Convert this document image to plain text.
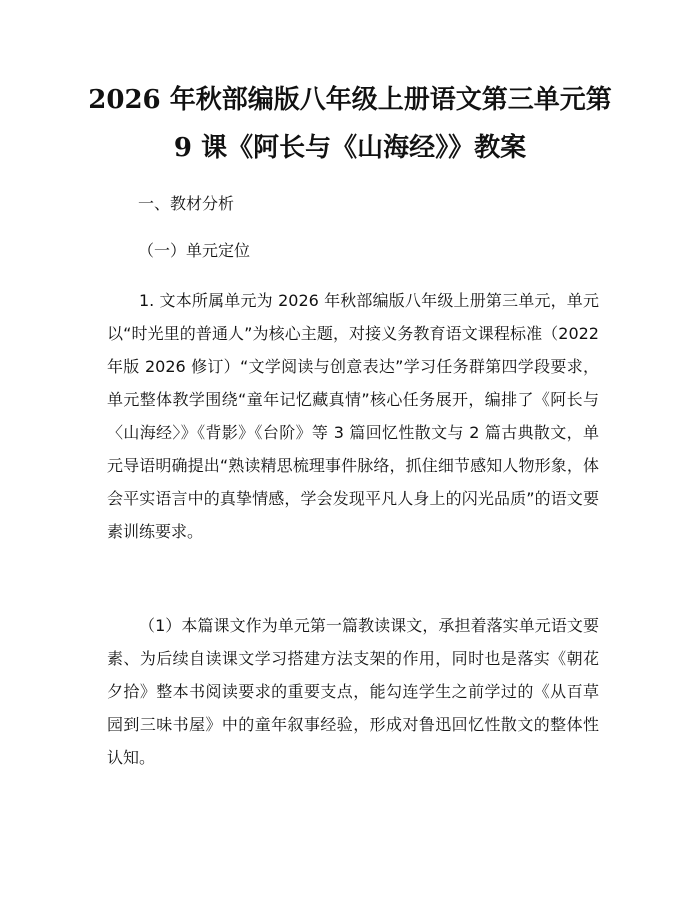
2026 年秋部编版八年级上册语文第三单元第
9 课《阿长与《山海经》》教案

一、教材分析

（一）单元定位

1. 文本所属单元为 2026 年秋部编版八年级上册第三单元，单元以“时光里的普通人”为核心主题，对接义务教育语文课程标准（2022 年版 2026 修订）“文学阅读与创意表达”学习任务群第四学段要求，单元整体教学围绕“童年记忆藏真情”核心任务展开，编排了《阿长与〈山海经〉》《背影》《台阶》等 3 篇回忆性散文与 2 篇古典散文，单元导语明确提出“熟读精思梳理事件脉络，抓住细节感知人物形象，体会平实语言中的真挚情感，学会发现平凡人身上的闪光品质”的语文要素训练要求。

（1）本篇课文作为单元第一篇教读课文，承担着落实单元语文要素、为后续自读课文学习搭建方法支架的作用，同时也是落实《朝花夕拾》整本书阅读要求的重要支点，能勾连学生之前学过的《从百草园到三味书屋》中的童年叙事经验，形成对鲁迅回忆性散文的整体性认知。
